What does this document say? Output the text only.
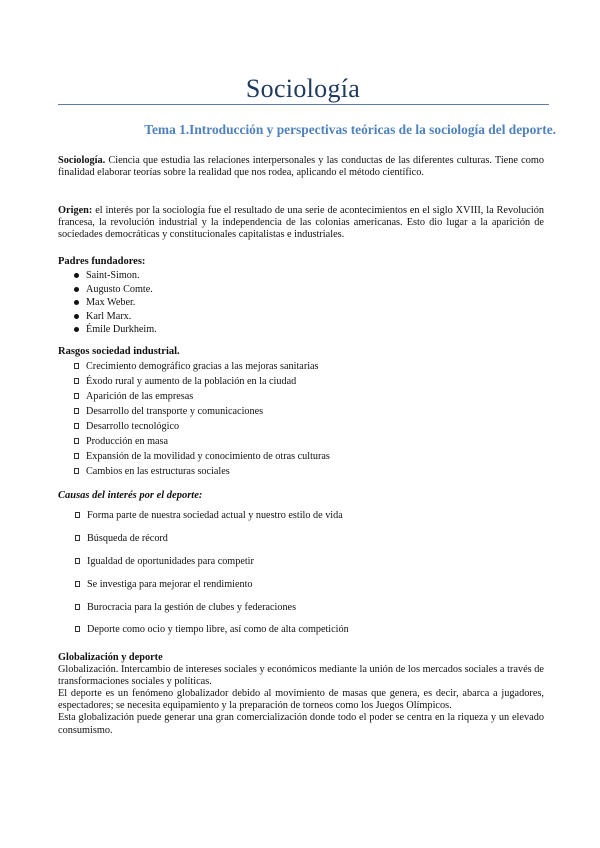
Sociología
Tema 1.Introducción y perspectivas teóricas de la sociología del deporte.
Sociología. Ciencia que estudia las relaciones interpersonales y las conductas de las diferentes culturas. Tiene como finalidad elaborar teorías sobre la realidad que nos rodea, aplicando el método científico.
Origen: el interés por la sociología fue el resultado de una serie de acontecimientos en el siglo XVIII, la Revolución francesa, la revolución industrial y la independencia de las colonias americanas. Esto dio lugar a la aparición de sociedades democráticas y constitucionales capitalistas e industriales.
Padres fundadores:
Saint-Simon.
Augusto Comte.
Max Weber.
Karl Marx.
Émile Durkheim.
Rasgos sociedad industrial.
Crecimiento demográfico gracias a las mejoras sanitarias
Éxodo rural y aumento de la población en la ciudad
Aparición de las empresas
Desarrollo del transporte y comunicaciones
Desarrollo tecnológico
Producción en masa
Expansión de la movilidad y conocimiento de otras culturas
Cambios en las estructuras sociales
Causas del interés por el deporte:
Forma parte de nuestra sociedad actual y nuestro estilo de vida
Búsqueda de récord
Igualdad de oportunidades para competir
Se investiga para mejorar el rendimiento
Burocracia para la gestión de clubes y federaciones
Deporte como ocio y tiempo libre, así como de alta competición
Globalización y deporte
Globalización. Intercambio de intereses sociales y económicos mediante la unión de los mercados sociales a través de transformaciones sociales y políticas.
El deporte es un fenómeno globalizador debido al movimiento de masas que genera, es decir, abarca a jugadores, espectadores; se necesita equipamiento y la preparación de torneos como los Juegos Olímpicos.
Esta globalización puede generar una gran comercialización donde todo el poder se centra en la riqueza y un elevado consumismo.
